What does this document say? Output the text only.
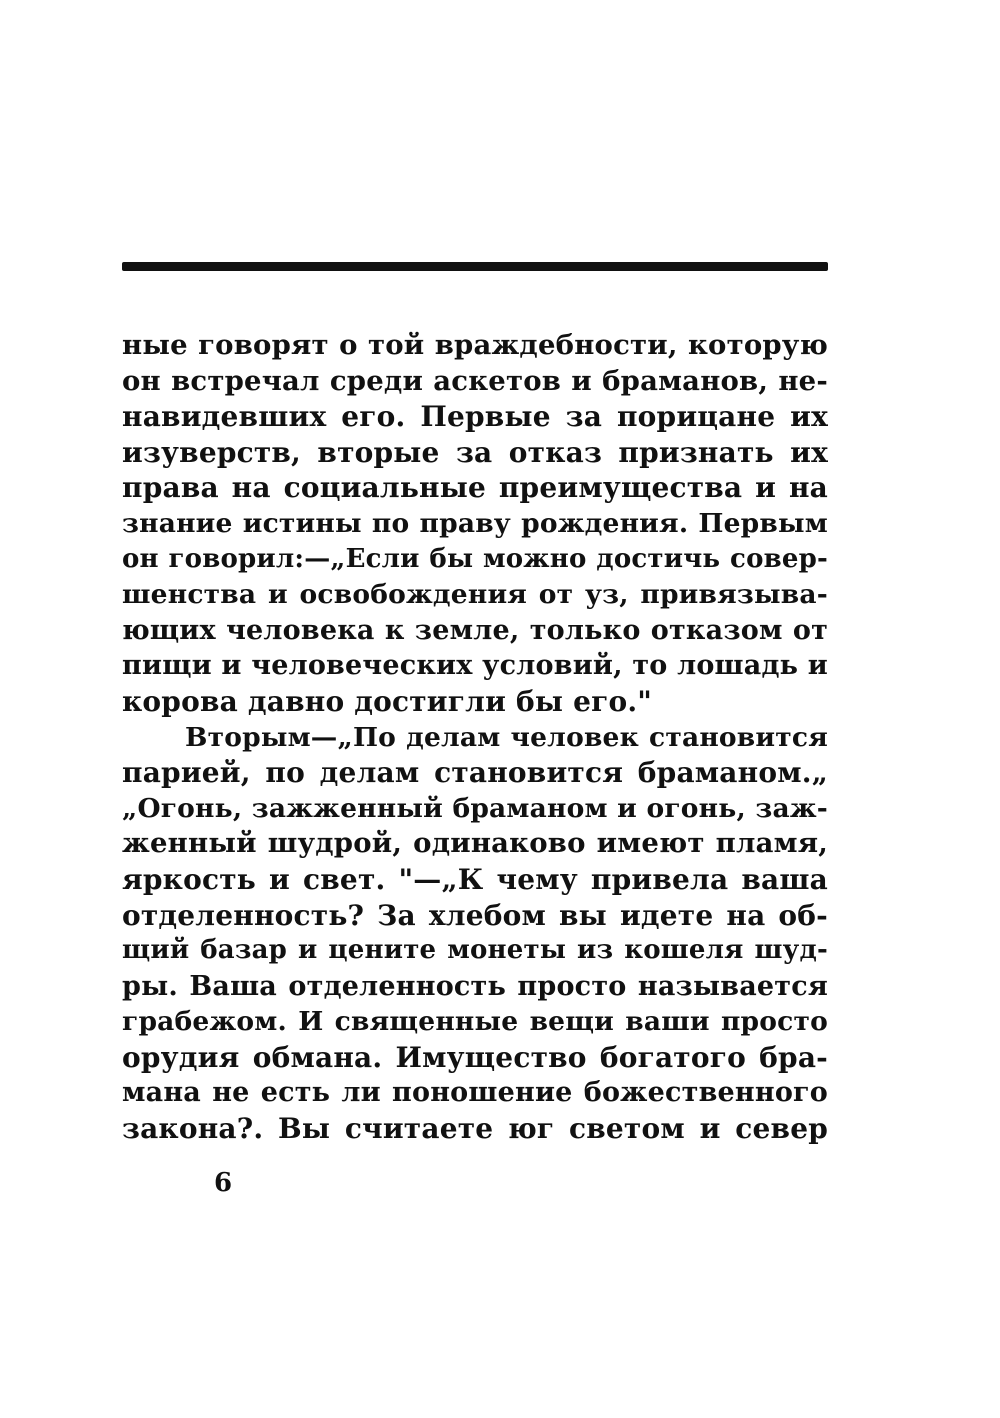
ные говорят о той враждебности, которую
он встречал среди аскетов и браманов, не-
навидевших его. Первые за порицане их
изуверств, вторые за отказ признать их
права на социальные преимущества и на
знание истины по праву рождения. Первым
он говорил:—„Если бы можно достичь совер-
шенства и освобождения от уз, привязыва-
ющих человека к земле, только отказом от
пищи и человеческих условий, то лошадь и
корова давно достигли бы его."
Вторым—„По делам человек становится
парией, по делам становится браманом.„
„Огонь, зажженный браманом и огонь, заж-
женный шудрой, одинаково имеют пламя,
яркость и свет. "—„К чему привела ваша
отделенность? За хлебом вы идете на об-
щий базар и цените монеты из кошеля шуд-
ры. Ваша отделенность просто называется
грабежом. И священные вещи ваши просто
орудия обмана. Имущество богатого бра-
мана не есть ли поношение божественного
закона?. Вы считаете юг светом и север
6
